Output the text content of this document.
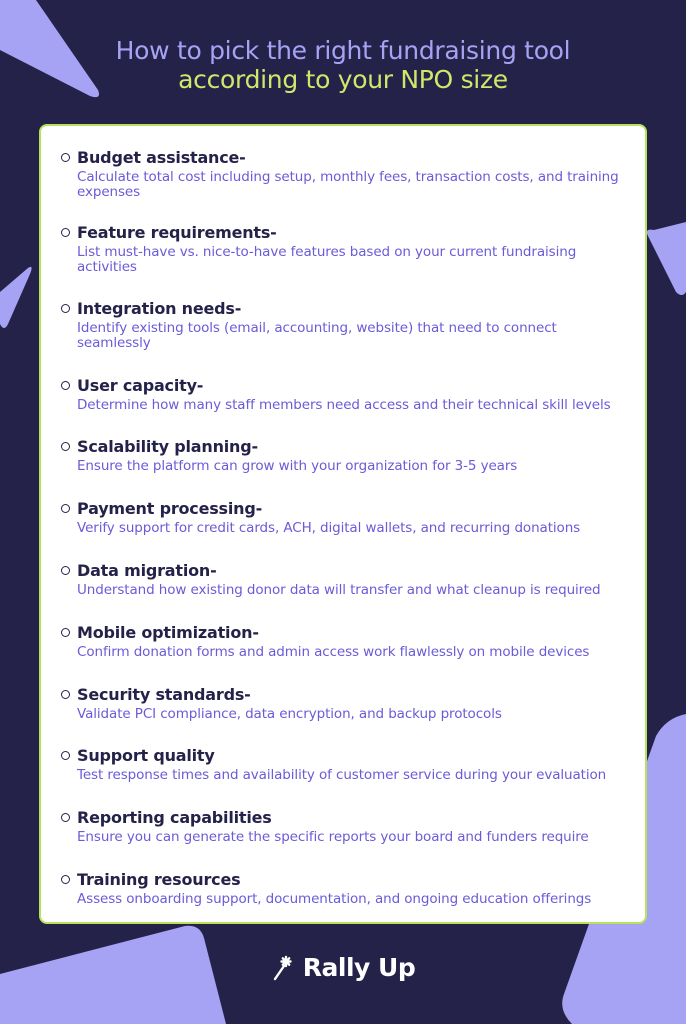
How to pick the right fundraising tool
according to your NPO size
Budget assistance-
Calculate total cost including setup, monthly fees, transaction costs, and training expenses
Feature requirements-
List must-have vs. nice-to-have features based on your current fundraising activities
Integration needs-
Identify existing tools (email, accounting, website) that need to connect seamlessly
User capacity-
Determine how many staff members need access and their technical skill levels
Scalability planning-
Ensure the platform can grow with your organization for 3-5 years
Payment processing-
Verify support for credit cards, ACH, digital wallets, and recurring donations
Data migration-
Understand how existing donor data will transfer and what cleanup is required
Mobile optimization-
Confirm donation forms and admin access work flawlessly on mobile devices
Security standards-
Validate PCI compliance, data encryption, and backup protocols
Support quality
Test response times and availability of customer service during your evaluation
Reporting capabilities
Ensure you can generate the specific reports your board and funders require
Training resources
Assess onboarding support, documentation, and ongoing education offerings
Rally Up
